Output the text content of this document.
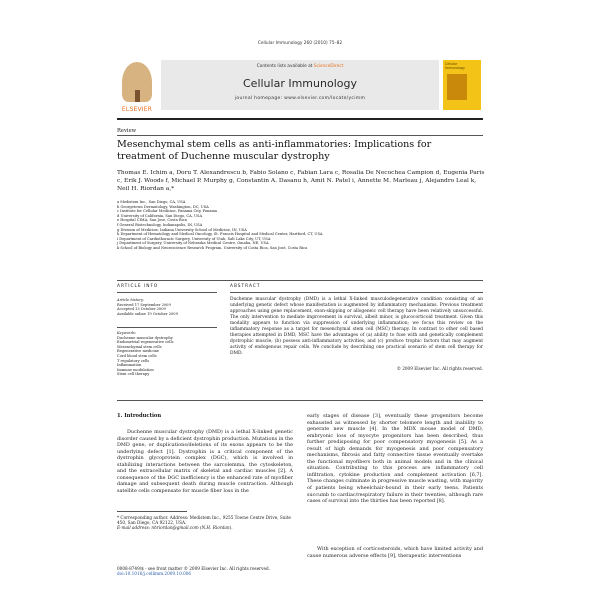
Cellular Immunology 260 (2010) 75–82
ELSEVIER
Contents lists available at ScienceDirect
Cellular Immunology
journal homepage: www.elsevier.com/locate/ycimm
Cellular Immunology
Review
Mesenchymal stem cells as anti-inflammatories: Implications for treatment of Duchenne muscular dystrophy
Thomas E. Ichim a, Doru T. Alexandrescu b, Fabio Solano c, Fabian Lara c, Rosalia De Necochea Campion d, Eugenia Paris c, Erik J. Woods f, Michael P. Murphy g, Constantin A. Dasanu h, Amit N. Patel i, Annette M. Marleau j, Alejandro Leal k, Neil H. Riordan a,*
a Medistem Inc., San Diego, CA, USA
b Georgetown Dermatology, Washington, DC, USA
c Institute for Cellular Medicine, Panama City, Panama
d University of California, San Diego, CA, USA
e Hospital CIMA, San Jose, Costa Rica
f General Biotechnology, Indianapolis, IN, USA
g Division of Medicine, Indiana University School of Medicine, IN, USA
h Department of Hematology and Medical Oncology, St. Francis Hospital and Medical Center, Hartford, CT, USA
i Department of Cardiothoracic Surgery, University of Utah, Salt Lake City, UT, USA
j Department of Surgery, University of Nebraska Medical Centre, Omaha, NE, USA
k School of Biology and Neuroscience Research Program, University of Costa Rica, San José, Costa Rica
ARTICLE INFO	ABSTRACT
Article history:
Received 17 September 2009
Accepted 13 October 2009
Available online 19 October 2009
Keywords:
Duchenne muscular dystrophy
Endometrial regenerative cells
Mesenchymal stem cells
Regenerative medicine
Cord blood stem cells
T regulatory cells
Inflammation
Immune modulation
Stem cell therapy
Duchenne muscular dystrophy (DMD) is a lethal X-linked musculodegenerative condition consisting of an underlying genetic defect whose manifestation is augmented by inflammatory mechanisms. Previous treatment approaches using gene replacement, exon-skipping or allogeneic cell therapy have been relatively unsuccessful. The only intervention to mediate improvement in survival, albeit minor, is glucocorticoid treatment. Given this modality appears to function via suppression of underlying inflammation; we focus this review on the inflammatory response as a target for mesenchymal stem cell (MSC) therapy. In contrast to other cell based therapies attempted in DMD, MSC have the advantages of (a) ability to fuse with and genetically complement dystrophic muscle; (b) possess anti-inflammatory activities; and (c) produce trophic factors that may augment activity of endogenous repair cells. We conclude by describing one practical scenario of stem cell therapy for DMD.
© 2009 Elsevier Inc. All rights reserved.
1. Introduction
Duchenne muscular dystrophy (DMD) is a lethal X-linked genetic disorder caused by a deficient dystrophin production. Mutations in the DMD gene, or duplications/deletions of its exons appears to be the underlying defect [1]. Dystrophin is a critical component of the dystrophin glycoprotein complex (DGC), which is involved in stabilizing interactions between the sarcolemma, the cytoskeleton, and the extracellular matrix of skeletal and cardiac muscles [2]. A consequence of the DGC inefficiency is the enhanced rate of myofiber damage and subsequent death during muscle contraction. Although satellite cells compensate for muscle fiber loss in the
early stages of disease [3], eventually these progenitors become exhausted as witnessed by shorter telomere length and inability to generate new muscle [4]. In the MDX mouse model of DMD, embryonic loss of myocyte progenitors has been described, thus further predisposing for poor compensatory myogenesis [5]. As a result of high demands for myogenesis and poor compensatory mechanisms, fibrosis and fatty connective tissue eventually overtake the functional myofibers both in animal models and in the clinical situation. Contributing to this process are inflammatory cell infiltration, cytokine production and complement activation [6,7]. These changes culminate in progressive muscle wasting, with majority of patients being wheelchair-bound in their early teens. Patients succumb to cardiac/respiratory failure in their twenties, although rare cases of survival into the thirties has been reported [8].
With exception of corticosteroids, which have limited activity and cause numerous adverse effects [9], therapeutic interventions
* Corresponding author. Address: Medistem Inc., 9255 Towne Centre Drive, Suite 450, San Diego, CA 92122, USA.
E-mail address: nhriordan@gmail.com (N.H. Riordan).
0008-8749/$ - see front matter © 2009 Elsevier Inc. All rights reserved.
doi:10.1016/j.cellimm.2009.10.006
